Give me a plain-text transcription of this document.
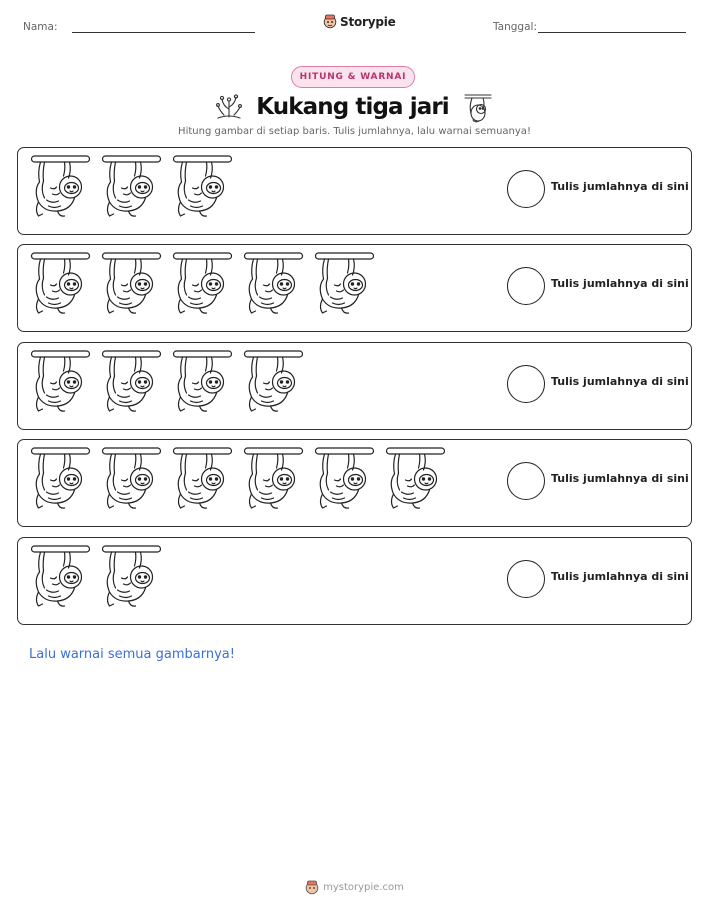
Nama:	Storypie	Tanggal:
HITUNG & WARNAI
Kukang tiga jari
Hitung gambar di setiap baris. Tulis jumlahnya, lalu warnai semuanya!
Tulis jumlahnya di sini
Tulis jumlahnya di sini
Tulis jumlahnya di sini
Tulis jumlahnya di sini
Tulis jumlahnya di sini
Lalu warnai semua gambarnya!
mystorypie.com
